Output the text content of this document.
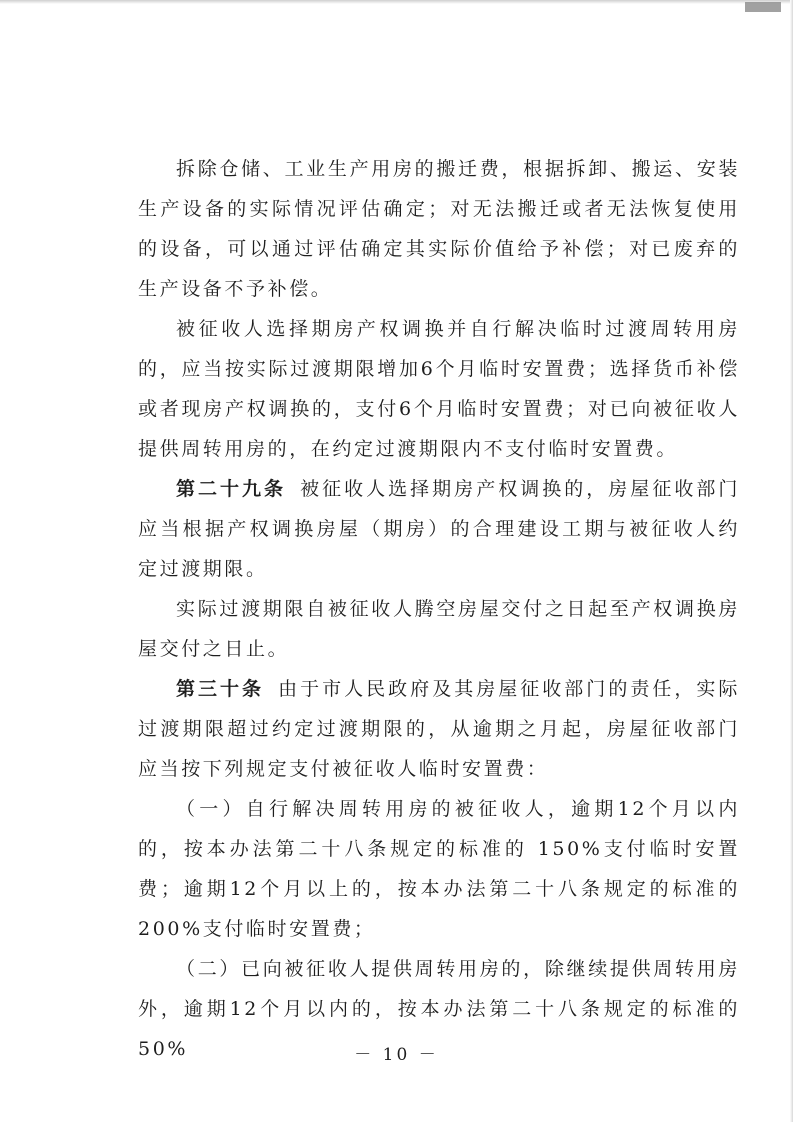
拆除仓储、工业生产用房的搬迁费，根据拆卸、搬运、安装生产设备的实际情况评估确定；对无法搬迁或者无法恢复使用的设备，可以通过评估确定其实际价值给予补偿；对已废弃的生产设备不予补偿。

被征收人选择期房产权调换并自行解决临时过渡周转用房的，应当按实际过渡期限增加6个月临时安置费；选择货币补偿或者现房产权调换的，支付6个月临时安置费；对已向被征收人提供周转用房的，在约定过渡期限内不支付临时安置费。

第二十九条 被征收人选择期房产权调换的，房屋征收部门应当根据产权调换房屋（期房）的合理建设工期与被征收人约定过渡期限。

实际过渡期限自被征收人腾空房屋交付之日起至产权调换房屋交付之日止。

第三十条 由于市人民政府及其房屋征收部门的责任，实际过渡期限超过约定过渡期限的，从逾期之月起，房屋征收部门应当按下列规定支付被征收人临时安置费：

（一）自行解决周转用房的被征收人，逾期12个月以内的，按本办法第二十八条规定的标准的 150%支付临时安置费；逾期12个月以上的，按本办法第二十八条规定的标准的200%支付临时安置费；

（二）已向被征收人提供周转用房的，除继续提供周转用房外，逾期12个月以内的，按本办法第二十八条规定的标准的50%	－ 10 －
